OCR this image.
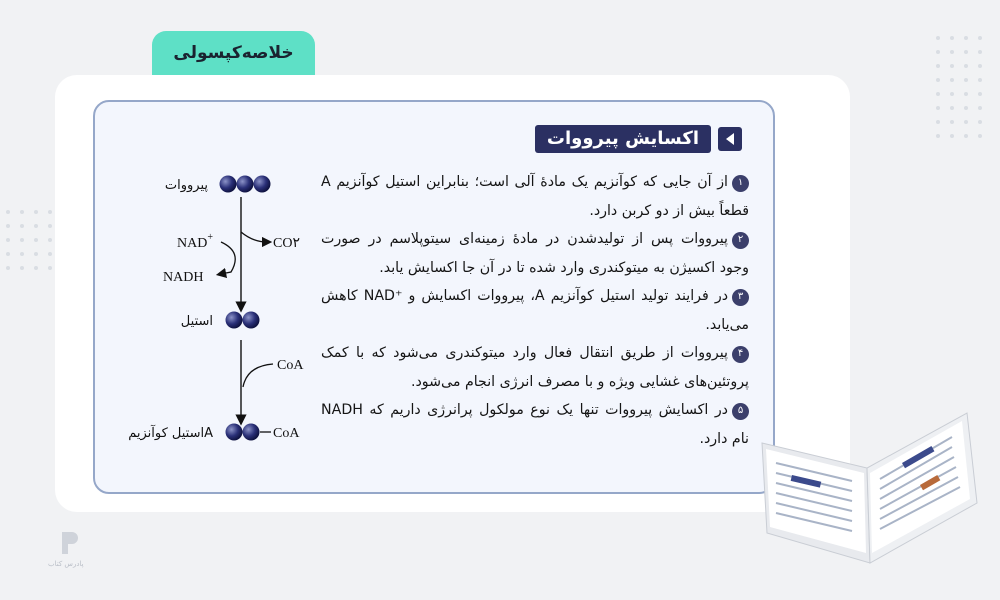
خلاصه‌کپسولی
اکسایش پیرووات
پیرووات
NAD+	CO۲
NADH
استیل
CoA
CoA
استیل کوآنزیمA

۱از آن جایی که کوآنزیم یک مادهٔ آلی است؛ بنابراین استیل کوآنزیم A قطعاً بیش از دو کربن دارد.

۲پیرووات پس از تولیدشدن در مادهٔ زمینه‌ای سیتوپلاسم در صورت وجود اکسیژن به میتوکندری وارد شده تا در آن جا اکسایش یابد.

۳در فرایند تولید استیل کوآنزیم A، پیرووات اکسایش و ⁺NAD کاهش می‌یابد.

۴پیرووات از طریق انتقال فعال وارد میتوکندری می‌شود که با کمک پروتئین‌های غشایی ویژه و با مصرف انرژی انجام می‌شود.

۵در اکسایش پیرووات تنها یک نوع مولکول پرانرژی داریم که NADH نام دارد.

پادرس کتاب
